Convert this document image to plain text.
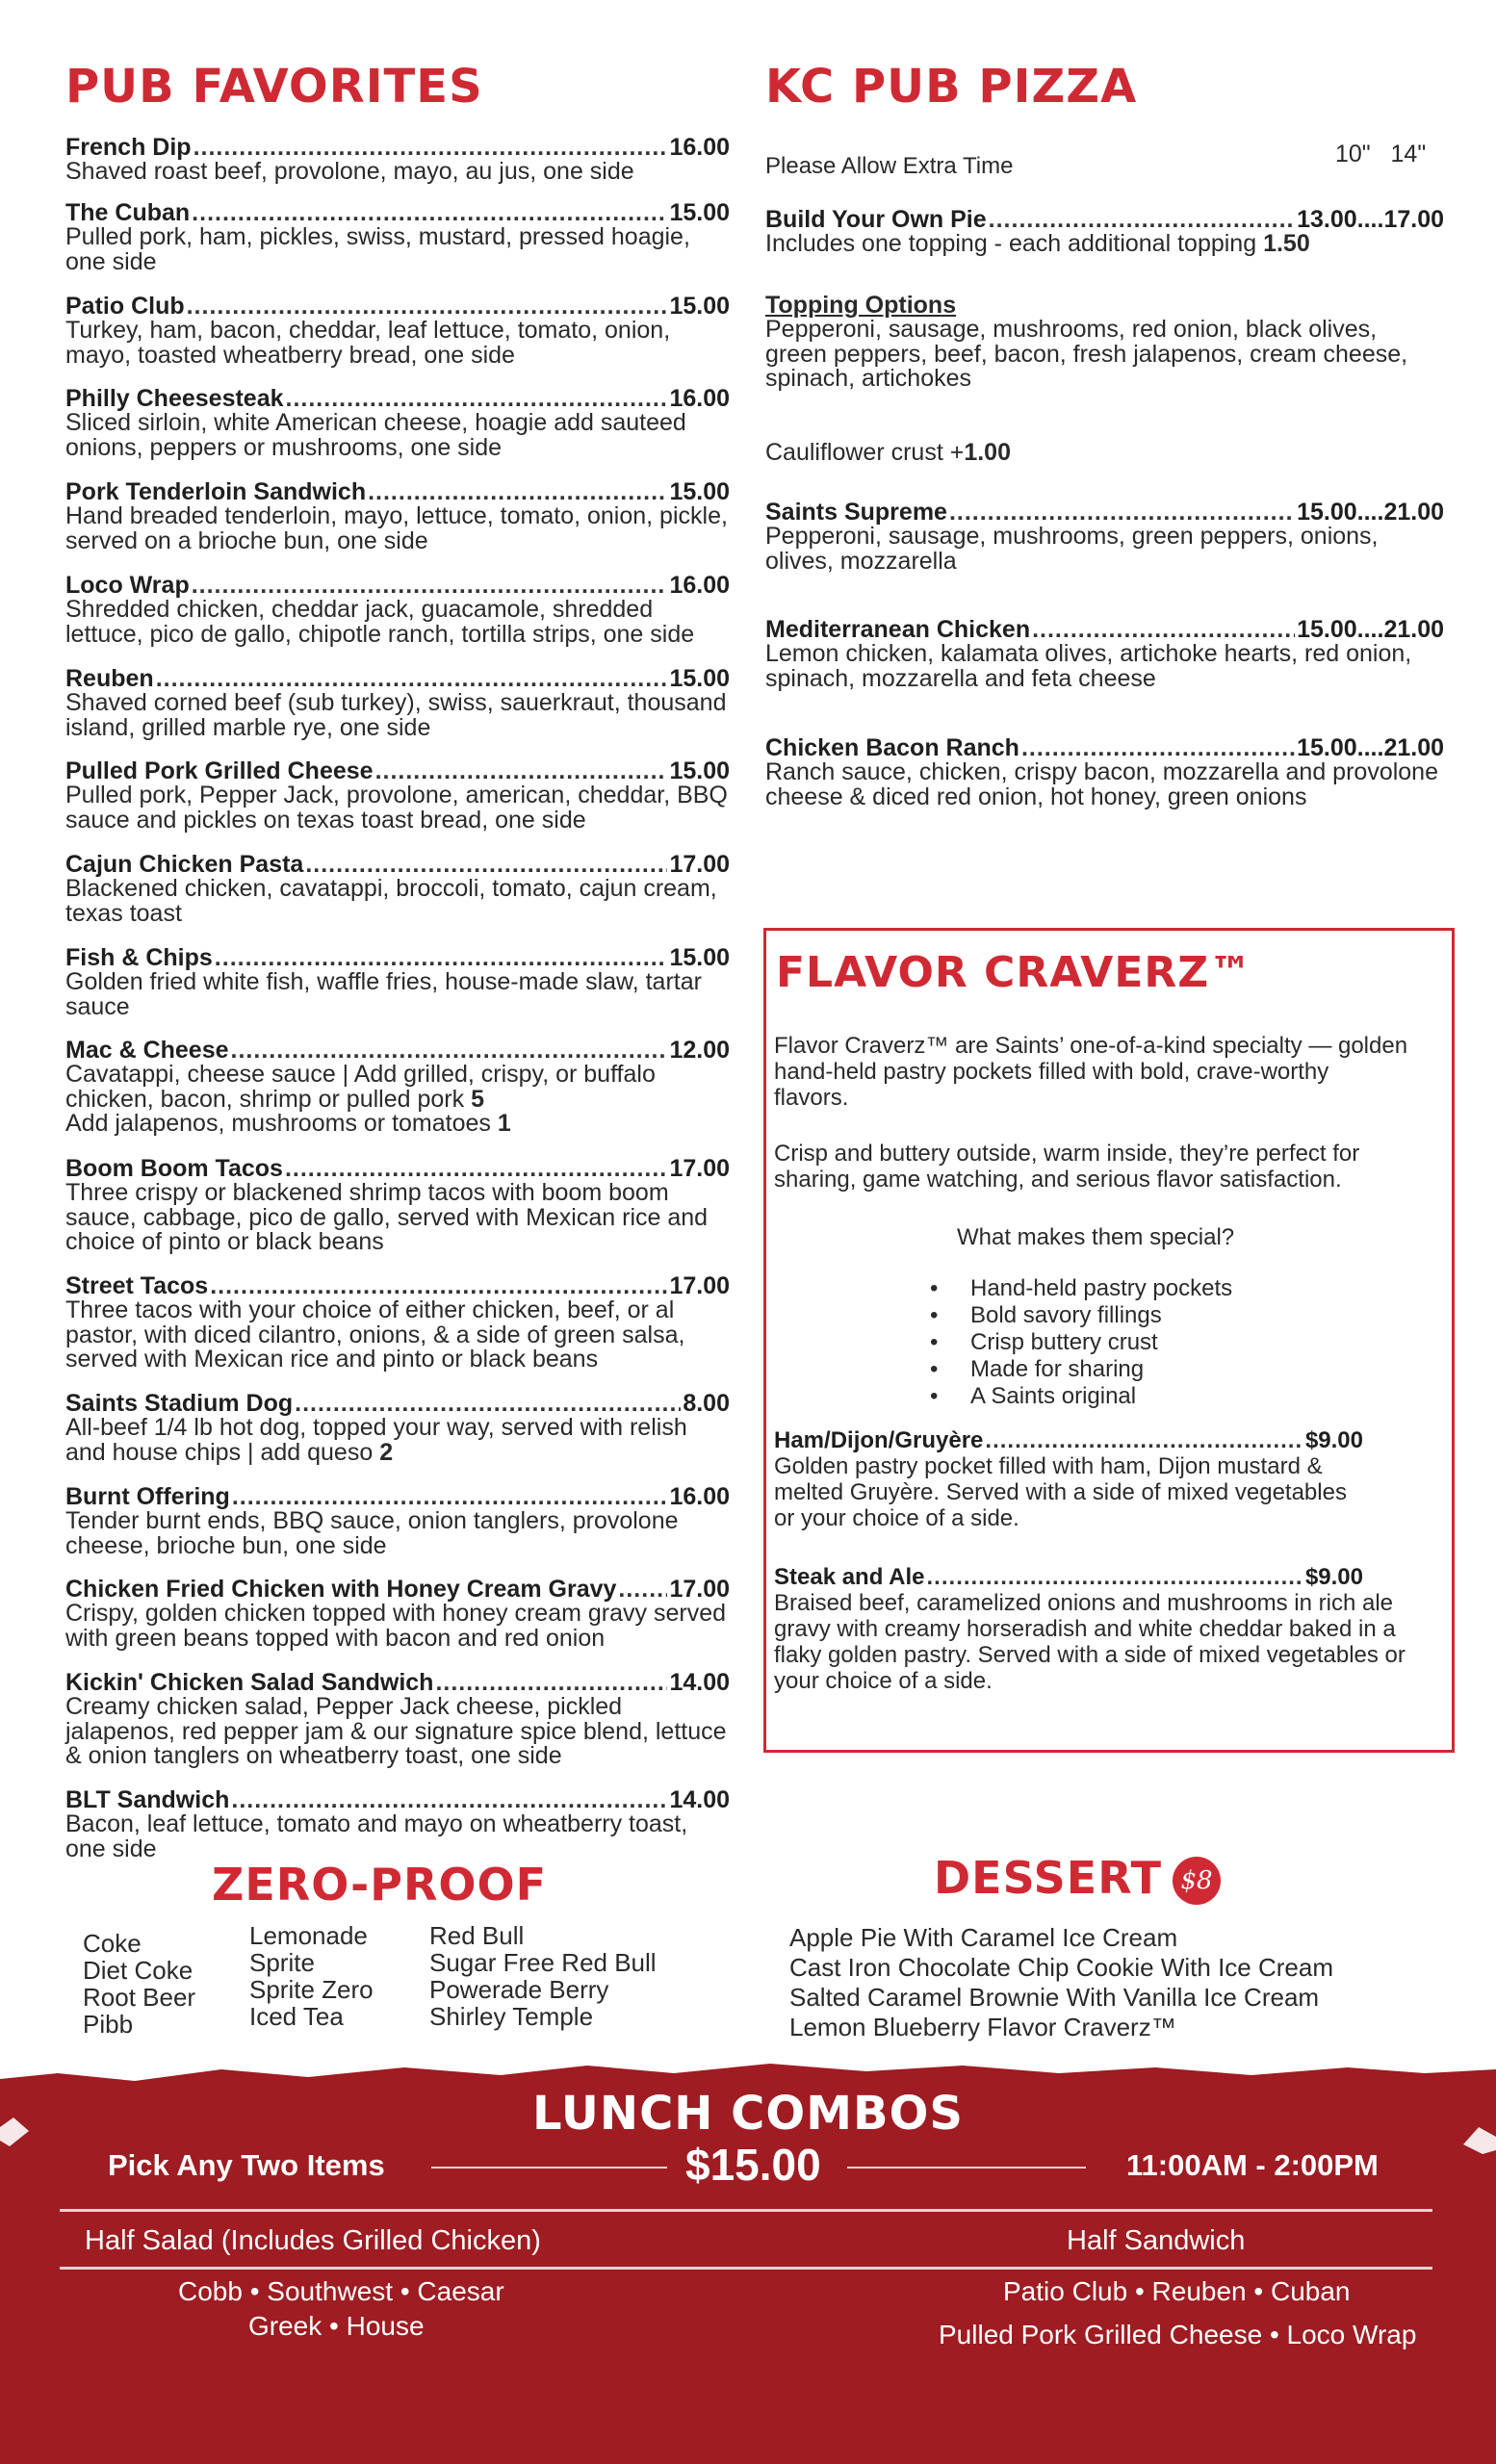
PUB FAVORITES
French Dip .....	16.00
Shaved roast beef, provolone, mayo, au jus, one side
The Cuban .....	15.00
Pulled pork, ham, pickles, swiss, mustard, pressed hoagie, one side
Patio Club .....	15.00
Turkey, ham, bacon, cheddar, leaf lettuce, tomato, onion, mayo, toasted wheatberry bread, one side
Philly Cheesesteak .....	16.00
Sliced sirloin, white American cheese, hoagie add sauteed onions, peppers or mushrooms, one side
Pork Tenderloin Sandwich .....	15.00
Hand breaded tenderloin, mayo, lettuce, tomato, onion, pickle, served on a brioche bun, one side
Loco Wrap .....	16.00
Shredded chicken, cheddar jack, guacamole, shredded lettuce, pico de gallo, chipotle ranch, tortilla strips, one side
Reuben .....	15.00
Shaved corned beef (sub turkey), swiss, sauerkraut, thousand island, grilled marble rye, one side
Pulled Pork Grilled Cheese .....	15.00
Pulled pork, Pepper Jack, provolone, american, cheddar, BBQ sauce and pickles on texas toast bread, one side
Cajun Chicken Pasta .....	17.00
Blackened chicken, cavatappi, broccoli, tomato, cajun cream, texas toast
Fish & Chips .....	15.00
Golden fried white fish, waffle fries, house-made slaw, tartar sauce
Mac & Cheese .....	12.00
Cavatappi, cheese sauce | Add grilled, crispy, or buffalo chicken, bacon, shrimp or pulled pork 5
Add jalapenos, mushrooms or tomatoes 1
Boom Boom Tacos .....	17.00
Three crispy or blackened shrimp tacos with boom boom sauce, cabbage, pico de gallo, served with Mexican rice and choice of pinto or black beans
Street Tacos .....	17.00
Three tacos with your choice of either chicken, beef, or al pastor, with diced cilantro, onions, & a side of green salsa, served with Mexican rice and pinto or black beans
Saints Stadium Dog .....	8.00
All-beef 1/4 lb hot dog, topped your way, served with relish and house chips | add queso 2
Burnt Offering .....	16.00
Tender burnt ends, BBQ sauce, onion tanglers, provolone cheese, brioche bun, one side
Chicken Fried Chicken with Honey Cream Gravy ..... 17.00
Crispy, golden chicken topped with honey cream gravy served with green beans topped with bacon and red onion
Kickin' Chicken Salad Sandwich .....	14.00
Creamy chicken salad, Pepper Jack cheese, pickled jalapenos, red pepper jam & our signature spice blend, lettuce & onion tanglers on wheatberry toast, one side
BLT Sandwich .....	14.00
Bacon, leaf lettuce, tomato and mayo on wheatberry toast, one side
KC PUB PIZZA
Please Allow Extra Time	10"   14"
Build Your Own Pie .....	13.00....17.00
Includes one topping - each additional topping 1.50
Topping Options
Pepperoni, sausage, mushrooms, red onion, black olives, green peppers, beef, bacon, fresh jalapenos, cream cheese, spinach, artichokes
Cauliflower crust +1.00
Saints Supreme .....	15.00....21.00
Pepperoni, sausage, mushrooms, green peppers, onions, olives, mozzarella
Mediterranean Chicken .....	15.00....21.00
Lemon chicken, kalamata olives, artichoke hearts, red onion, spinach, mozzarella and feta cheese
Chicken Bacon Ranch .....	15.00....21.00
Ranch sauce, chicken, crispy bacon, mozzarella and provolone cheese & diced red onion, hot honey, green onions
FLAVOR CRAVERZ™
Flavor Craverz™ are Saints’ one-of-a-kind specialty — golden hand-held pastry pockets filled with bold, crave-worthy flavors.
Crisp and buttery outside, warm inside, they’re perfect for sharing, game watching, and serious flavor satisfaction.
What makes them special?
• Hand-held pastry pockets
• Bold savory fillings
• Crisp buttery crust
• Made for sharing
• A Saints original
Ham/Dijon/Gruyère .....	$9.00
Golden pastry pocket filled with ham, Dijon mustard & melted Gruyère. Served with a side of mixed vegetables or your choice of a side.
Steak and Ale .....	$9.00
Braised beef, caramelized onions and mushrooms in rich ale gravy with creamy horseradish and white cheddar baked in a flaky golden pastry. Served with a side of mixed vegetables or your choice of a side.
ZERO-PROOF
Coke
Diet Coke
Root Beer
Pibb
Lemonade
Sprite
Sprite Zero
Iced Tea
Red Bull
Sugar Free Red Bull
Powerade Berry
Shirley Temple
DESSERT $8
Apple Pie With Caramel Ice Cream
Cast Iron Chocolate Chip Cookie With Ice Cream
Salted Caramel Brownie With Vanilla Ice Cream
Lemon Blueberry Flavor Craverz™
LUNCH COMBOS
Pick Any Two Items	$15.00	11:00AM - 2:00PM
Half Salad (Includes Grilled Chicken)	Half Sandwich
Cobb • Southwest • Caesar
Greek • House
Patio Club • Reuben • Cuban
Pulled Pork Grilled Cheese • Loco Wrap
